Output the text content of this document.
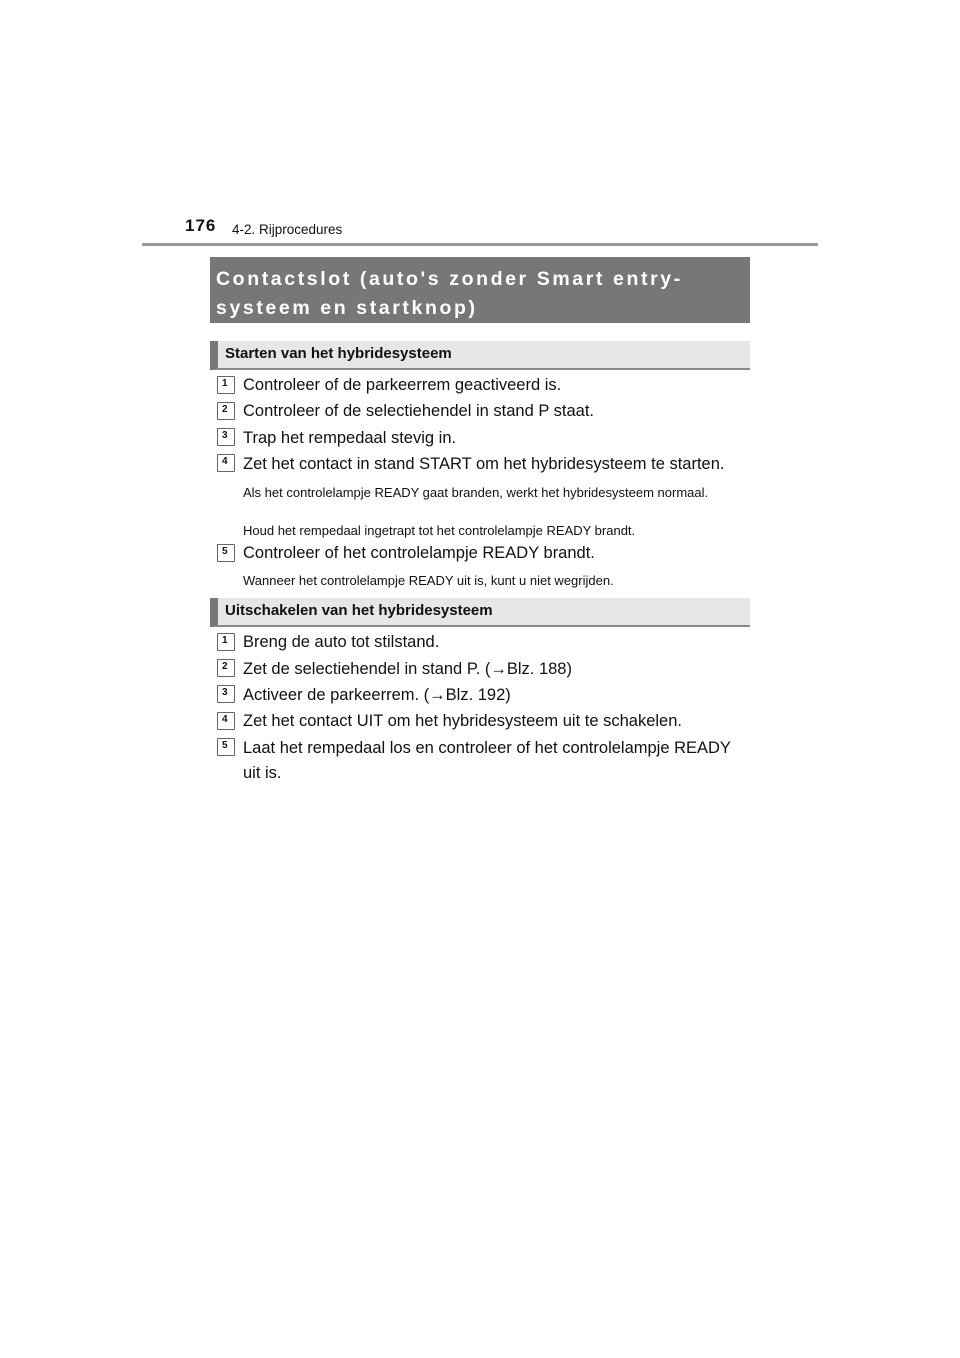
176 4-2. Rijprocedures
Contactslot (auto's zonder Smart entry-
systeem en startknop)
Starten van het hybridesysteem
1 Controleer of de parkeerrem geactiveerd is.
2 Controleer of de selectiehendel in stand P staat.
3 Trap het rempedaal stevig in.
4 Zet het contact in stand START om het hybridesysteem te starten.
Als het controlelampje READY gaat branden, werkt het hybridesysteem normaal.
Houd het rempedaal ingetrapt tot het controlelampje READY brandt.
5 Controleer of het controlelampje READY brandt.
Wanneer het controlelampje READY uit is, kunt u niet wegrijden.
Uitschakelen van het hybridesysteem
1 Breng de auto tot stilstand.
2 Zet de selectiehendel in stand P. (→Blz. 188)
3 Activeer de parkeerrem. (→Blz. 192)
4 Zet het contact UIT om het hybridesysteem uit te schakelen.
5 Laat het rempedaal los en controleer of het controlelampje READY uit is.
